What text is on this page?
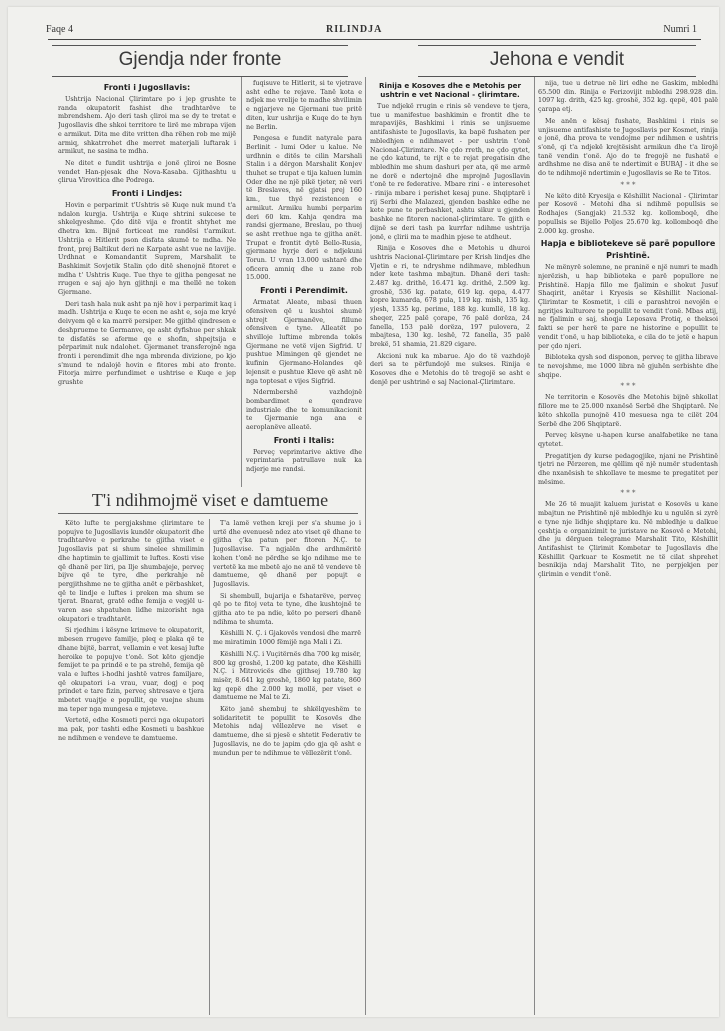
Faqe 4	RILINDJA	Numri 1
Gjendja nder fronte	Jehona e vendit
Fronti i Jugosllavis:

Ushtrija Nacional Çlirimtare po i jep grushte te randa okupatorit fashist dhe tradhtarëve te mbrendshem. Ajo deri tash çliroi ma se dy te tretat e Jugosllavis dhe shkoi territore te lirë me mbrapa vijen e armikut. Dita me dite vritten dha rëhen rob me mijë armiq, shkatrrohet dhe merret materjali luftarak i armikut, ne sasina te mdha.

Ne ditet e fundit ushtrija e jonë çliroi ne Bosne vendet Han-pjesak dhe Nova-Kasaba. Gjithashtu u çlirua Virovitica dhe Podrega.

Fronti i Lindjes:

Hovin e perparimit t'Ushtris së Kuqe nuk mund t'a ndalon kurgja. Ushtrija e Kuqe shtrini sukcese te shkelqyeshme. Çdo ditë vija e frontit shtyhet me dhetra km. Bijnë forticeat me randësi t'armikut. Ushtrija e Hitlerit pson disfata skumë te mdha. Ne front, prej Baltikut deri ne Karpate asht vue ne lavijje. Urdhnat e Komandantit Suprem, Marshalit te Bashkimit Sovjetik Stalin çdo ditë shenojnë fitoret e mdha t' Ushtris Kuqe. Tue thye te gjitha pengesat ne rrugen e saj ajo hyn gjithnji e ma thellë ne token Gjermane.

Deri tash hala nuk asht pa një hov i perparimit kaq i madh. Ushtrija e Kuqe te ecen ne asht e, soja me kryé deivyem që e ka marrë persiper. Me gjithë qindresen e deshprueme te Germanve, qe asht dyfishue per shkak te disfatës se aferme qe e shofin, shpejtsija e përparimit nuk ndalohet. Gjermanet transferojnë nga fronti i perendimit dhe nga mbrenda divizione, po kjo s'mund te ndalojë hovin e fitores mbi ato fronte. Fitorja mirre perfundimet e ushtrise e Kuqe e jep grushte

fuqisuve te Hitlerit, si te vjetrave asht edhe te rejave. Tanë kota e ndjek me vrelije te madhe shvilimin e ngjarjeve ne Gjermani tue pritë diten, kur ushrija e Kuqe do te hyn ne Berlin.

Pengesa e fundit natyrale para Berlinit - lumi Oder u kalue. Ne urdhnin e ditës te cilin Marshali Stalin i a dërgon Marshalit Konjev thuhet se trupat e tija kaluen lumin Oder dhe ne një pikë tjeter, në veri të Breslaves, në gjatsi prej 160 km., tue thyë rezistencen e armikut. Armiku humbi perparim deri 60 km. Kahja qendra ma randsi gjermane, Breslau, po thuej se asht rrethue nga te gjitha anët. Trupat e frontit dytë Bello-Rusia, gjermane hyrje deri e ndjekuni Torun. U vran 13.000 ushtarë dhe oficera amniq dhe u zane rob 15.000.

Fronti i Perendimit.

Armatat Aleate, mbasi thuen ofensiven që u kushtoi shumë shtrejt Gjermanëve, fillune ofensiven e tyne. Alleatët po shvilloje luftime mbrenda tokës Gjermane ne vetë vijen Sigfrid. U pushtue Mimingen që gjendet ne kufinin Gjermano-Holandes që lejensit e pushtue Kleve që asht në nga toptesat e vijes Sigfrid.

Ndermbershë vazhdojnë bombardimet e qendrave industriale dhe te komunikacionit te Gjermanie nga ana e aeroplanëve alleatë.

Fronti i Italis:

Perveç veprimtarive aktive dhe veprimtaria patrullave nuk ka ndjerje me randsi.

T'i ndihmojmё viset e damtueme

Këto lufte te pergjakshme çlirimtare te popujve te Jugosllavis kundër okupatorit dhe tradhtarëve e perkrahe te gjitha viset e Jugosllavis pat si shum sinelee shmilimin dhe haptimin te gjallimit te luftes. Kosti vise që dhanë per liri, pa llje shumbajeje, perveç bijve që te tyre, dhe perkrahje në pergjithshme ne te gjitha anët e përbashket, që te lindje e luftes i preken ma shum se tjerat. Bnarat, gratë edhe femija e vegjël u-varen ase shpatuhen lidhe mizorisht nga okupatori e tradhtarët.

Si rjedhim i kësyne krimeve te okupatorit, mbesen rrugeve familje, pleq e plaka që te dhane bijtë, barrat, vellamin e vet kesaj lufte heroike te popujve t'onë. Sot këto gjendje femijet te pa prindë e te pa strehë, femija që vala e luftes i-hodhi jashtë vatres familjare, që okupatori i-a vrau, vuar, dogj e poq prindet e tare fizin, perveç shtresave e tjera mbetet vuajtje e popullit, qe vuejne shum ma teper nga mungesa e mjeteve.

Vertetë, edhe Kosmeti perci nga okupatori ma pak, por tashti edhe Kosmeti u bashkue ne ndihmen e vendeve te damtueme.

T'a lamë vethen kreji per s'a shume jo i urtë dhe evenuesë ndez ato viset që dhane te gjitha ç'ka patun per fitoren N.Ç. te Jugosllavise. T'a ngjalën dhe ardhmëritë kohen t'onë ne përdhe se kjo ndihme me te vertetë ka me mbetë ajo ne anë të vendeve të damtueme, që dhanë per popujt e Jugosllavis.

Si shembull, bujarija e fshatarëve, perveç që po te fitoj veta te tyne, dhe kushtojnë te gjitha ato te pa ndie, këto po perseri dhanë ndihma te shumta.

Këshilli N. Ç. i Gjakovës vendosi dhe marrë me miratimin 1000 fëmijë nga Mali i Zi.

Këshilli N.Ç. i Vuçitërnës dha 700 kg misër, 800 kg groshë, 1.200 kg patate, dhe Këshilli N.Ç. i Mitrovicës dhe gjithsej 19.780 kg misër, 8.641 kg groshë, 1860 kg patate, 860 kg qepë dhe 2.000 kg mollë, per viset e damtueme ne Mal te Zi.

Këto janë shembuj te shkëlqyeshëm te solidaritetit te popullit te Kosovës dhe Metohis ndaj vëllezërve ne viset e damtueme, dhe si pjesë e shtetit Federativ te Jugosllavis, ne do te japim çdo gja që asht e mundun per te ndihmue te vëllezërit t'onë.

Rinija e Kosoves dhe e Metohis per ushtrin e vet Nacional - çlirimtare.

Tue ndjekë rrugin e rinis së vendeve te tjera, tue u manifestue bashkimin e frontit dhe te mrapavijës, Bashkimi i rinis se unjisueme antifashiste te Jugosllavis, ka bapë fushaten per mbledhjen e ndihmavet - per ushtrin t'onë Nacional-Çlirimtare. Ne çdo rreth, ne çdo qytet, ne çdo katund, te rijt e te rejat pregatisin dhe mbledhin me shum dashuri per ata, që me armë ne dorë e ndertojnë dhe mprojnë Jugosllavin t'onë te re federative. Mbare rini - e interesohet - rinija mbare i perishet kesaj pune. Shqiptarë i rij Serbi dhe Malazezi, gjenden bashke edhe ne kete pune te perbashket, ashtu sikur u gjenden bashke ne fitoren nacional-çlirimtare. Te gjith e dijnë se deri tash pa kurrfar ndihme ushtrija jonë, e çlirii ma te madhin pjese te atdheut.

Rinija e Kosoves dhe e Metohis u dhuroi ushtris Nacional-Çlirimtare per Krish lindjes dhe Vjetin e ri, te ndryshme ndihmave, mbledhun nder kete tashma mbajtun. Dhanë deri tash: 2.487 kg. drithë, 16.471 kg. drithë, 2.509 kg. groshë, 536 kg. patate, 619 kg. qepa, 4.477 kopre kumarda, 678 pula, 119 kg. mish, 135 kg. yjesh, 1335 kg. perime, 188 kg. kumllë, 18 kg. sheqer, 225 palë çorape, 76 palë dorëza, 24 fanella, 153 palë dorëza, 197 pulovera, 2 mbajtesa, 130 kg. leshë, 72 fanella, 35 palë brekë, 51 shamia, 21.829 cigare.

Akcioni nuk ka mbarue. Ajo do të vazhdojë deri sa te përfundojë me sukses. Rinija e Kosoves dhe e Metohis do të tregojë se asht e denjë per ushtrinë e saj Nacional-Çlirimtare.

nija, tue u detrue në liri edhe ne Gaskim, mbledhi 65.500 din. Rinija e Ferizovijit mbledhi 298.928 din. 1097 kg. drith, 425 kg. groshë, 352 kg. qepë, 401 palë çarapa etj.

Me anën e kësaj fushate, Bashkimi i rinis se unjisueme antifashiste te Jugosllavis per Kosmet, rinija e jonë, dha prova te vendojme per ndihmen e ushtris s'onë, qi t'a ndjekë krejtësisht armikun dhe t'a lirojë tanë vendin t'onë. Ajo do te fregojë ne fushatë e ardhshme ne disa anë te ndertimit e BUBAJ - it dhe se do te ndihmojë ndertimin e Jugosllavis se Re te Titos.

* * *

Ne këto ditë Kryesija e Këshillit Nacional - Çlirimtar per Kosovë - Metohi dha si ndihmë popullsis se Rodhajes (Sangjak) 21.532 kg. kollomboqë, dhe popullsis se Bijello Poljes 25.670 kg. kollomboqë dhe 2.000 kg. groshe.

Hapja e bibliotekeve sё parё popullore
Prishtinё.

Ne mënyrë solemne, ne praninë e një numri te madh njerëzish, u hap biblioteka e parë popullore ne Prishtinë. Hapja fillo me fjalimin e shokut Jusuf Shaqirit, anëtar i Kryesis se Këshillit Nacional-Çlirimtar te Kosmetit, i cili e parashtroi nevojën e ngritjes kulturore te popullit te vendit t'onë. Mbas atij, ne fjalimin e saj, shoqja Leposava Protiq, e theksoi fakti se per herë te pare ne historine e popullit te vendit t'onë, u hap biblioteka, e cila do te jetë e hapun per çdo njeri.

Bibloteka qysh sod disponon, perveç te gjitha librave te nevojshme, me 1000 libra në gjuhën serbishte dhe shqipe.

* * *

Ne territorin e Kosovës dhe Metohis bijnë shkollat fillore me te 25.000 nxanësë Serbë dhe Shqiptarë. Ne këto shkolla punojnë 410 mesuesa nga te cilët 204 Serbë dhe 206 Shqiptarë.

Perveç kësyne u-hapen kurse analfabetike ne tana qytetet.

Pregatitjen dy kurse pedagogjike, njani ne Prishtinë tjetri ne Përzeren, me qëllim që një numër studentash dhe nxanësish te shkollave te mesme te pregatitet per mësime.

* * *

Me 26 të muajit kaluem juristat e Kosovës u kane mbajtun ne Prishtinë një mbledhje ku u ngulën si zyrë e tyne nje lidhje shqiptare ku. Në mbledhje u dalkue çeshtja e organizimit te juristave ne Kosovë e Metohi, dhe ju dërguen telegrame Marshalit Tito, Këshillit Antifashist te Çlirimit Kombetar te Jugosllavis dhe Këshillit Qarkuar te Kosmetit ne të cilat shprehet besnikija ndaj Marshalit Tito, ne perpjekjen per çlirimin e vendit t'onë.
